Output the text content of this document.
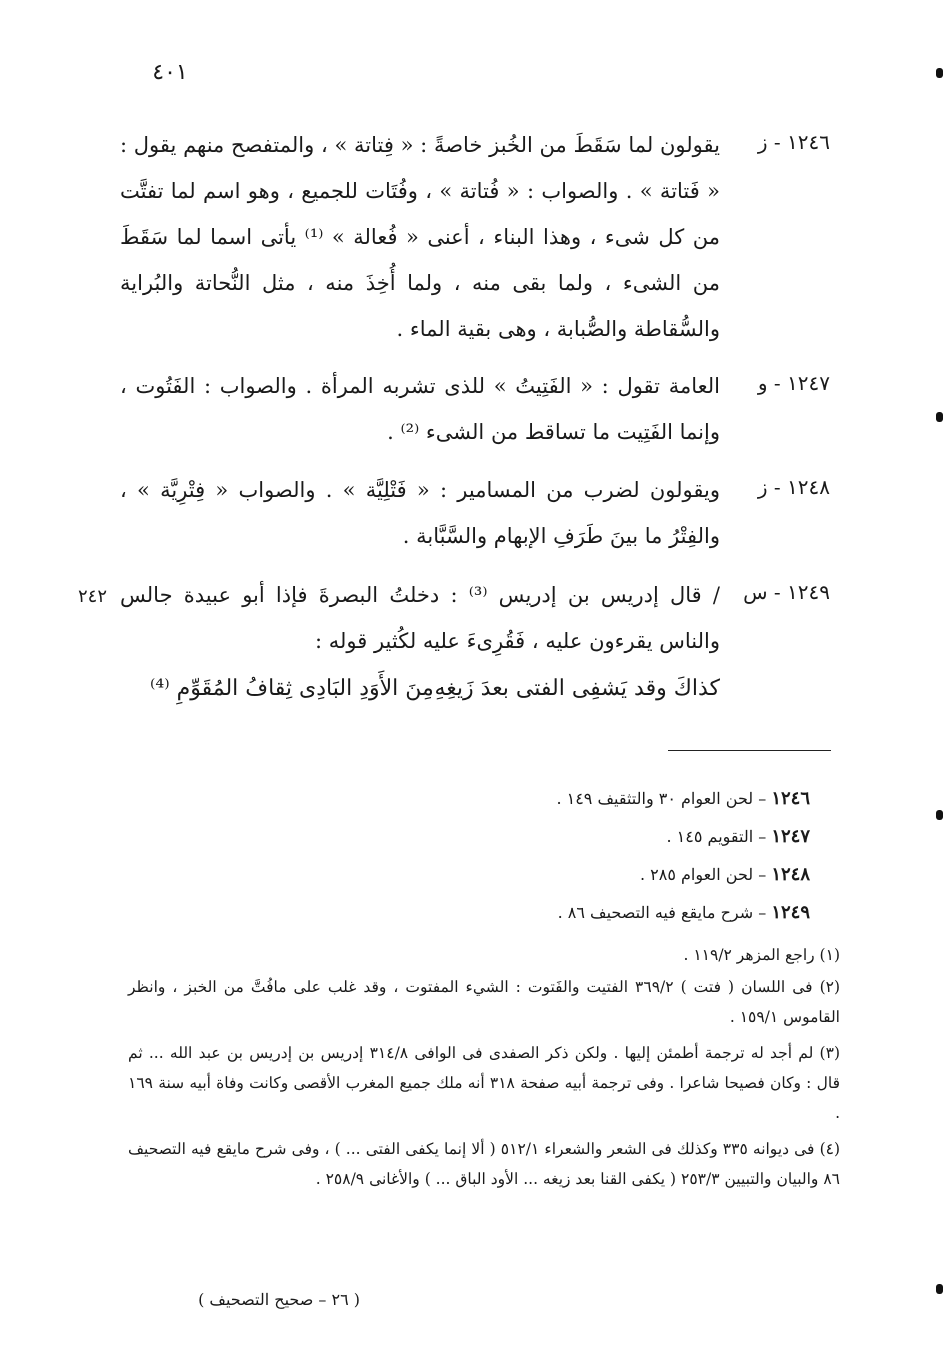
٤٠١
١٢٤٦ - ز
يقولون لما سَقَطَ من الخُبز خاصةً : « فِتاتة » ، والمتفصح منهم يقول : « فَتاتة » . والصواب : « فُتاتة » ، وفُتَات للجميع ، وهو اسم لما تفتَّت من كل شىء ، وهذا البناء ، أعنى « فُعالة » ⁽¹⁾ يأتى اسما لما سَقَطَ من الشىء ، ولما بقى منه ، ولما أُخِذَ منه ، مثل النُّحاتة والبُراية والسُّقاطة والصُّبابة ، وهى بقية الماء .
١٢٤٧ - و
العامة تقول : « الفَتِيتُ » للذى تشربه المرأة . والصواب : الفَتُوت ، وإنما الفَتِيت ما تساقط من الشىء ⁽²⁾ .
١٢٤٨ - ز
ويقولون لضرب من المسامير : « فَتْلِيَّة » . والصواب « فِتْرِيَّة » ، والفِتْرُ ما بينَ طَرَفِ الإبهام والسَّبَّابة .
١٢٤٩ - س
٢٤٢ / قال إدريس بن إدريس ⁽³⁾ : دخلتُ البصرةَ فإذا أبو عبيدة جالس والناس يقرءون عليه ، فَقُرِىءَ عليه لكُثير قوله :
كذاكَ وقد يَشفِى الفتى بعدَ زَيغِهِ
مِنَ الأَوَدِ البَادِى ثِقافُ المُقَوِّمِ ⁽⁴⁾
١٢٤٦ – لحن العوام ٣٠ والتثقيف ١٤٩ .
١٢٤٧ – التقويم ١٤٥ .
١٢٤٨ – لحن العوام ٢٨٥ .
١٢٤٩ – شرح مايقع فيه التصحيف ٨٦ .

(١) راجع المزهر ١١٩/٢ .

(٢) فى اللسان ( فتت ) ٣٦٩/٢ الفتيت والفَتوت : الشيء المفتوت ، وقد غلب على مافُتَّ من الخبز ، وانظر القاموس ١٥٩/١ .

(٣) لم أجد له ترجمة أطمئن إليها . ولكن ذكر الصفدى فى الوافى ٣١٤/٨ إدريس بن إدريس بن عبد الله ... ثم قال : وكان فصيحا شاعرا . وفى ترجمة أبيه صفحة ٣١٨ أنه ملك جميع المغرب الأقصى وكانت وفاة أبيه سنة ١٦٩ .

(٤) فى ديوانه ٣٣٥ وكذلك فى الشعر والشعراء ٥١٢/١ ( ألا إنما يكفى الفتى ... ) ، وفى شرح مايقع فيه التصحيف ٨٦ والبيان والتبيين ٢٥٣/٣ ( يكفى القنا بعد زيغه ... الأود الباق ... ) والأغانى ٢٥٨/٩ .

( ٢٦ – صحيح التصحيف )
